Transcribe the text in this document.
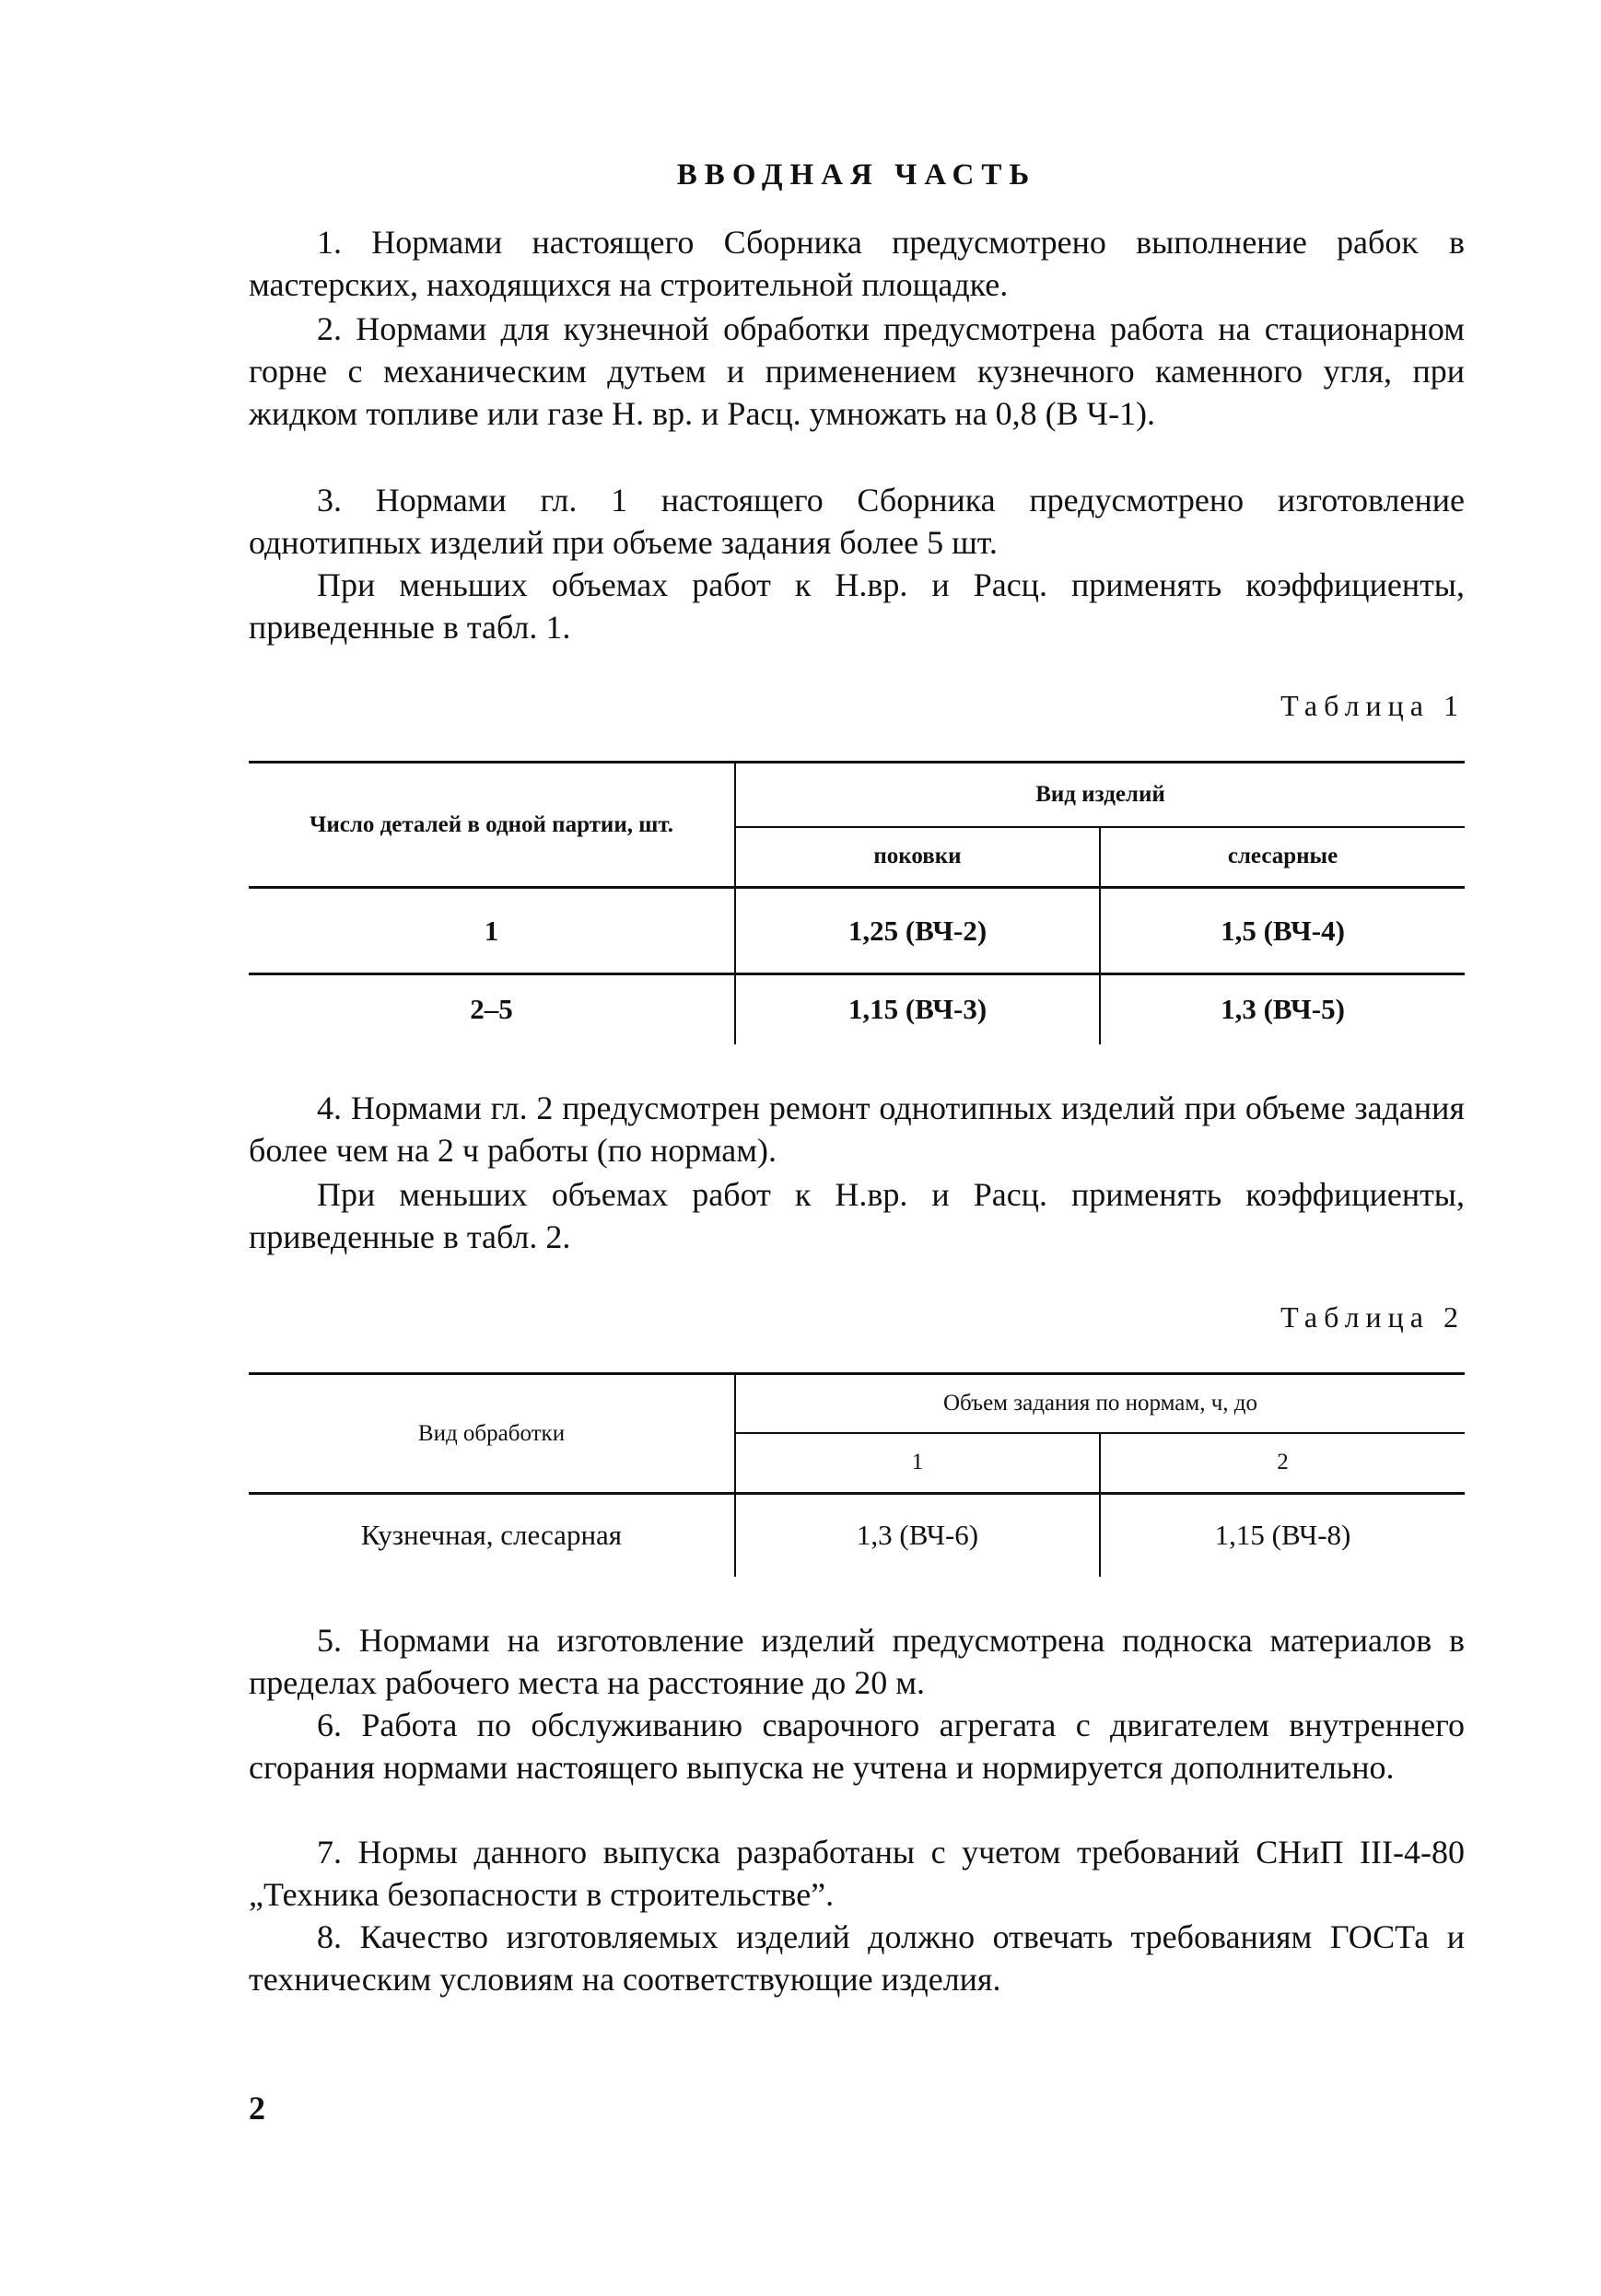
ВВОДНАЯ ЧАСТЬ

1. Нормами настоящего Сборника предусмотрено выполнение рабоᴋ в мастерских, находящихся на строительной площадке.

2. Нормами для кузнечной обработки предусмотрена работа на стационарном горне с механическим дутьем и применением кузнечного каменного угля, при жидком топливе или газе Н. вр. и Расц. умножать на 0,8 (В Ч-1).

3. Нормами гл. 1 настоящего Сборника предусмотрено изготовление однотипных изделий при объеме задания более 5 шт.

При меньших объемах работ к Н.вр. и Расц. применять коэффициенты, приведенные в табл. 1.

Таблица 1
Число деталей в одной партии, шт.	Вид изделий	
	поковки	слесарные
1	1,25 (ВЧ-2)	1,5 (ВЧ-4)
2–5	1,15 (ВЧ-3)	1,3 (ВЧ-5)

4. Нормами гл. 2 предусмотрен ремонт однотипных изделий при объеме задания более чем на 2 ч работы (по нормам).

При меньших объемах работ к Н.вр. и Расц. применять коэффициенты, приведенные в табл. 2.

Таблица 2
Вид обработки	Объем задания по нормам, ч, до	
	1	2
Кузнечная, слесарная	1,3 (ВЧ-6)	1,15 (ВЧ-8)

5. Нормами на изготовление изделий предусмотрена подноска материалов в пределах рабочего места на расстояние до 20 м.

6. Работа по обслуживанию сварочного агрегата с двигателем внутреннего сгорания нормами настоящего выпуска не учтена и нормируется дополнительно.

7. Нормы данного выпуска разработаны с учетом требований СНиП III-4-80 „Техника безопасности в строительстве”.

8. Качество изготовляемых изделий должно отвечать требованиям ГОСТа и техническим условиям на соответствующие изделия.

2
